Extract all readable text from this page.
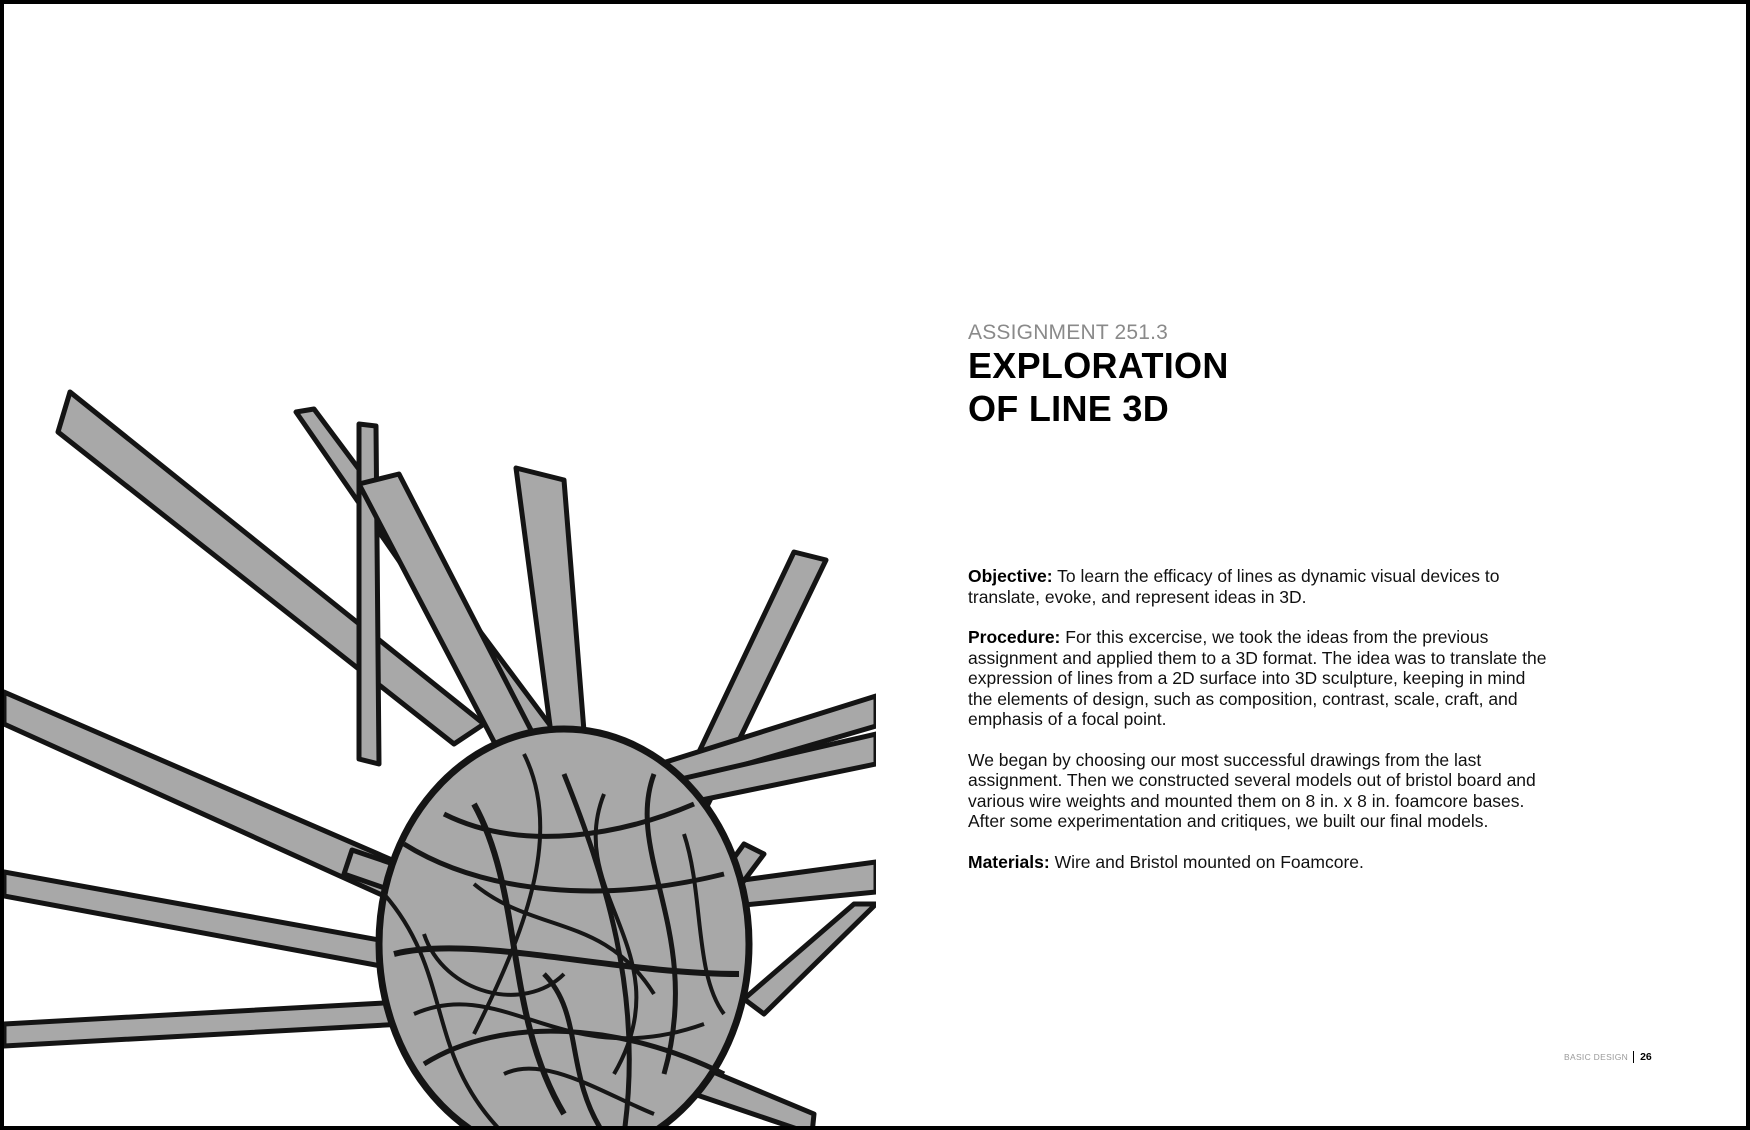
ASSIGNMENT 251.3
EXPLORATION
OF LINE 3D

Objective: To learn the efficacy of lines as dynamic visual devices to translate, evoke, and represent ideas in 3D.

Procedure: For this excercise, we took the ideas from the previous assignment and applied them to a 3D format. The idea was to translate the expression of lines from a 2D surface into 3D sculpture, keeping in mind the elements of design, such as composition, contrast, scale, craft, and emphasis of a focal point.

We began by choosing our most successful drawings from the last assignment. Then we constructed several models out of bristol board and various wire weights and mounted them on 8 in. x 8 in. foamcore bases. After some experimentation and critiques, we built our final models.

Materials: Wire and Bristol mounted on Foamcore.

BASIC DESIGN 26
